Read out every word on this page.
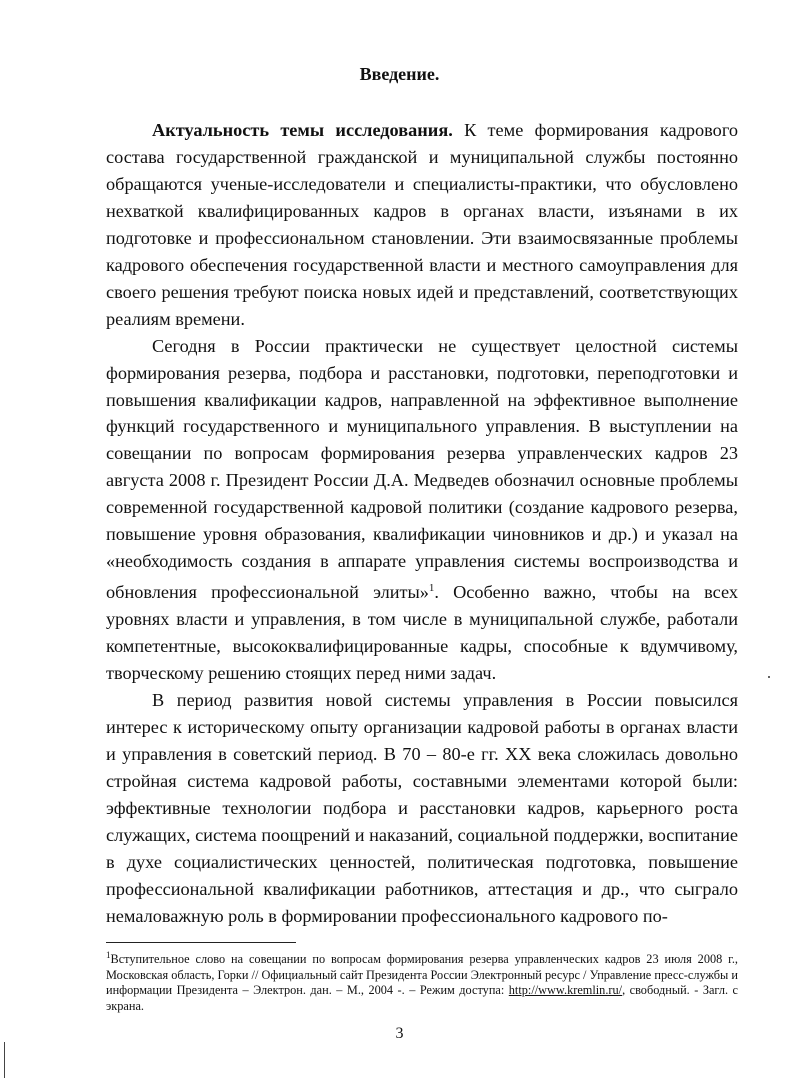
Введение.

Актуальность темы исследования. К теме формирования кадрового состава государственной гражданской и муниципальной службы постоянно обращаются ученые-исследователи и специалисты-практики, что обусловлено нехваткой квалифицированных кадров в органах власти, изъянами в их подготовке и профессиональном становлении. Эти взаимосвязанные проблемы кадрового обеспечения государственной власти и местного самоуправления для своего решения требуют поиска новых идей и представлений, соответствующих реалиям времени.

Сегодня в России практически не существует целостной системы формирования резерва, подбора и расстановки, подготовки, переподготовки и повышения квалификации кадров, направленной на эффективное выполнение функций государственного и муниципального управления. В выступлении на совещании по вопросам формирования резерва управленческих кадров 23 августа 2008 г. Президент России Д.А. Медведев обозначил основные проблемы современной государственной кадровой политики (создание кадрового резерва, повышение уровня образования, квалификации чиновников и др.) и указал на «необходимость создания в аппарате управления системы воспроизводства и обновления профессиональной элиты»$^1$. Особенно важно, чтобы на всех уровнях власти и управления, в том числе в муниципальной службе, работали компетентные, высококвалифицированные кадры, способные к вдумчивому, творческому решению стоящих перед ними задач.

В период развития новой системы управления в России повысился интерес к историческому опыту организации кадровой работы в органах власти и управления в советский период. В 70 – 80-е гг. XX века сложилась довольно стройная система кадровой работы, составными элементами которой были: эффективные технологии подбора и расстановки кадров, карьерного роста служащих, система поощрений и наказаний, социальной поддержки, воспитание в духе социалистических ценностей, политическая подготовка, повышение профессиональной квалификации работников, аттестация и др., что сыграло немаловажную роль в формировании профессионального кадрового по-

$^1$Вступительное слово на совещании по вопросам формирования резерва управленческих кадров 23 июля 2008 г., Московская область, Горки // Официальный сайт Президента России Электронный ресурс / Управление пресс-службы и информации Президента – Электрон. дан. – М., 2004 -. – Режим доступа: http://www.kremlin.ru/, свободный. - Загл. с экрана.

3
